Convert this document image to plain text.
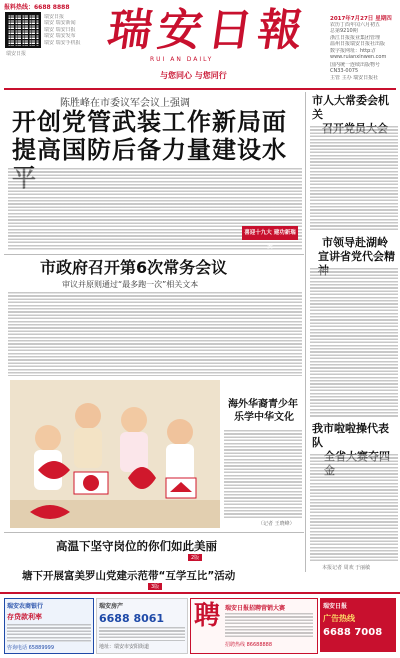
报料热线：6688 8888
瑞安日报
瑞安 瑞安新闻
瑞安 瑞安日报
瑞安 瑞安发布
瑞安 瑞安手机报
瑞安日报 瑞安日報
RUI AN DAILY
与您同心 与您同行
2017年7月27日 星期四
农历丁酉年闰六月初五
总第9210期
浙江日报报业集团管理
温州日报瑞安日报社出版
数字报网址：http://
www.ruianxinwen.com
国内统一连续出版物号
CN33-0075
主管 主办 瑞安日报社
陈胜峰在市委议军会议上强调
开创党管武装工作新局面
提高国防后备力量建设水
喜迎十九大 建功新瑞安
市人大常委会机关
市领导赴湖岭
宣讲省党代会精
我市啦啦操代表队
本报记者 周欢 于丽敏
市政府召开第6次常务会议
审议并原则通过“最多跑一次”相关文本
海外华裔青少年
乐学中华文化
（记者 王晓峰）
高温下坚守岗位的你们如此美丽
2版
塘下开展富美罗山党建示范带“互学互比”活动
3版
瑞安农商银行
存贷款利率
咨询电话 65889999
瑞安房产
6688 8061
地址：瑞安市安阳街道
聘 瑞安日报招聘营销大赛
招聘热线 86688888
瑞安日报
广告热线
6688 7008
